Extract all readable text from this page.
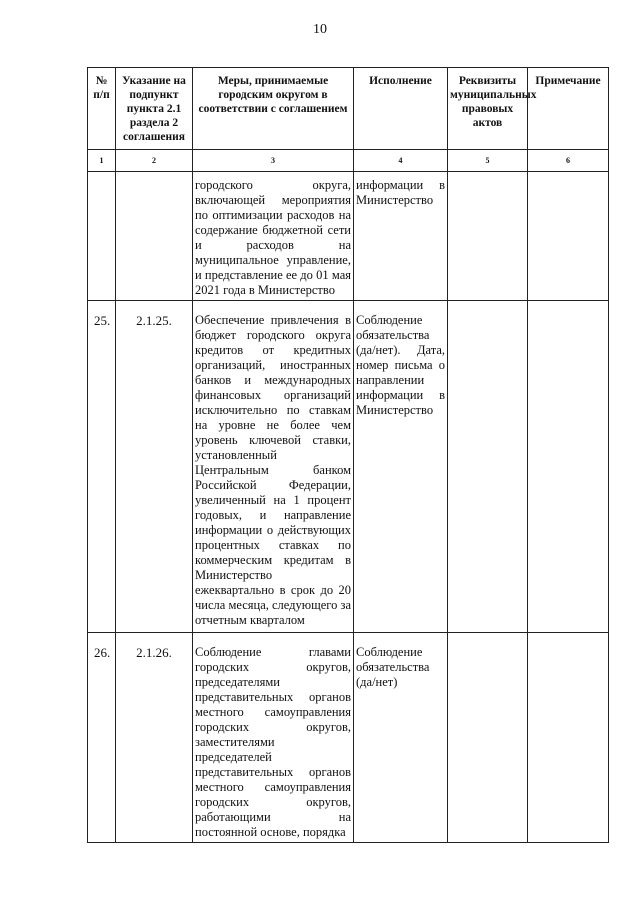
10
№ п/п	Указание на подпункт пункта 2.1 раздела 2 соглашения	Меры, принимаемые городским округом в соответствии с соглашением	Исполнение	Реквизиты муниципальных правовых актов	Примечание
1	2	3	4	5	6
		городского округа, включающей мероприятия по оптимизации расходов на содержание бюджетной сети и расходов на муниципальное управление, и представление ее до 01 мая 2021 года в Министерство	информации в Министерство		
25.	2.1.25.	Обеспечение привлечения в бюджет городского округа кредитов от кредитных организаций, иностранных банков и международных финансовых организаций исключительно по ставкам на уровне не более чем уровень ключевой ставки, установленный Центральным банком Российской Федерации, увеличенный на 1 процент годовых, и направление информации о действующих процентных ставках по коммерческим кредитам в Министерство ежеквартально в срок до 20 числа месяца, следующего за отчетным кварталом	Соблюдение обязательства (да/нет). Дата, номер письма о направлении информации в Министерство		
26.	2.1.26.	Соблюдение главами городских округов, председателями представительных органов местного самоуправления городских округов, заместителями председателей представительных органов местного самоуправления городских округов, работающими на постоянной основе, порядка	Соблюдение обязательства (да/нет)		
